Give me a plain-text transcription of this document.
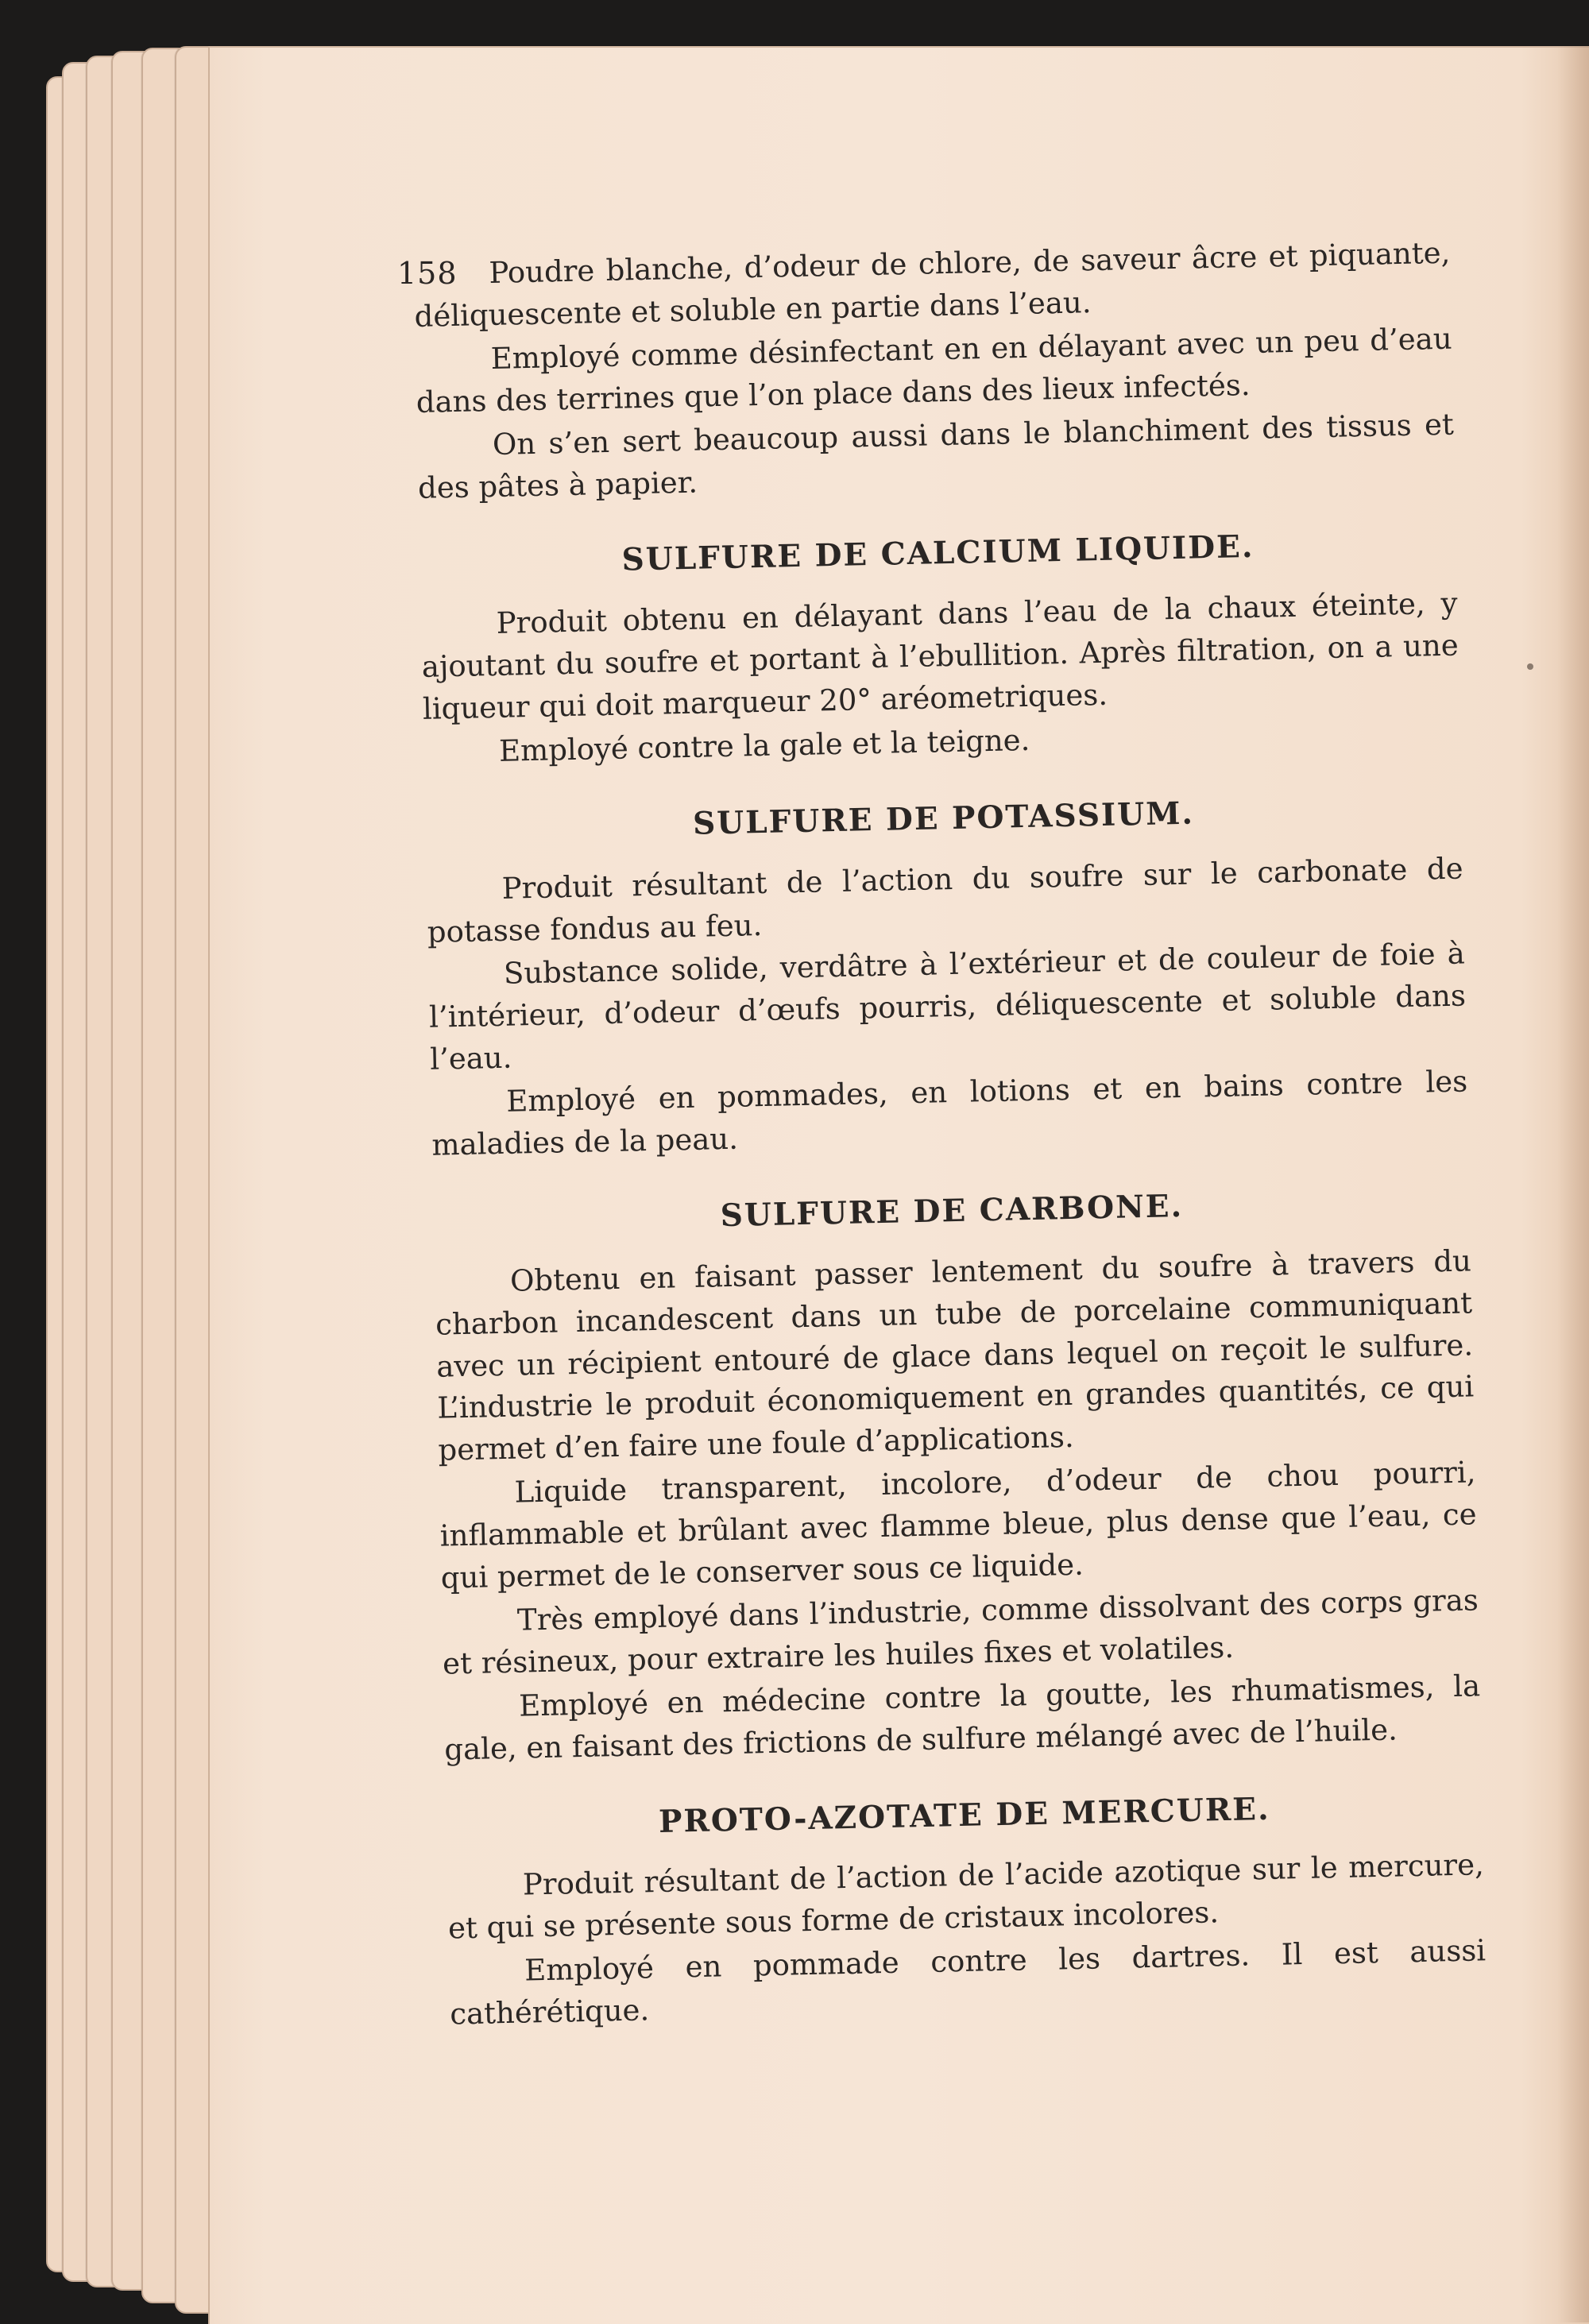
158	Poudre blanche, d’odeur de chlore, de saveur âcre et piquante, déliquescente et soluble en partie dans l’eau.

Employé comme désinfectant en en délayant avec un peu d’eau dans des terrines que l’on place dans des lieux infectés.

On s’en sert beaucoup aussi dans le blanchiment des tissus et des pâtes à papier.

SULFURE DE CALCIUM LIQUIDE.

Produit obtenu en délayant dans l’eau de la chaux éteinte, y ajoutant du soufre et portant à l’ebullition. Après filtration, on a une liqueur qui doit marqueur 20° aréometriques.

Employé contre la gale et la teigne.

SULFURE DE POTASSIUM.

Produit résultant de l’action du soufre sur le carbonate de potasse fondus au feu.

Substance solide, verdâtre à l’extérieur et de couleur de foie à l’intérieur, d’odeur d’œufs pourris, déliquescente et soluble dans l’eau.

Employé en pommades, en lotions et en bains contre les maladies de la peau.

SULFURE DE CARBONE.

Obtenu en faisant passer lentement du soufre à travers du charbon incandescent dans un tube de porcelaine communiquant avec un récipient entouré de glace dans lequel on reçoit le sulfure. L’industrie le produit économiquement en grandes quantités, ce qui permet d’en faire une foule d’applications.

Liquide transparent, incolore, d’odeur de chou pourri, inflammable et brûlant avec flamme bleue, plus dense que l’eau, ce qui permet de le conserver sous ce liquide.

Très employé dans l’industrie, comme dissolvant des corps gras et résineux, pour extraire les huiles fixes et volatiles.

Employé en médecine contre la goutte, les rhumatismes, la gale, en faisant des frictions de sulfure mélangé avec de l’huile.

PROTO-AZOTATE DE MERCURE.

Produit résultant de l’action de l’acide azotique sur le mercure, et qui se présente sous forme de cristaux incolores.

Employé en pommade contre les dartres. Il est aussi cathérétique.
